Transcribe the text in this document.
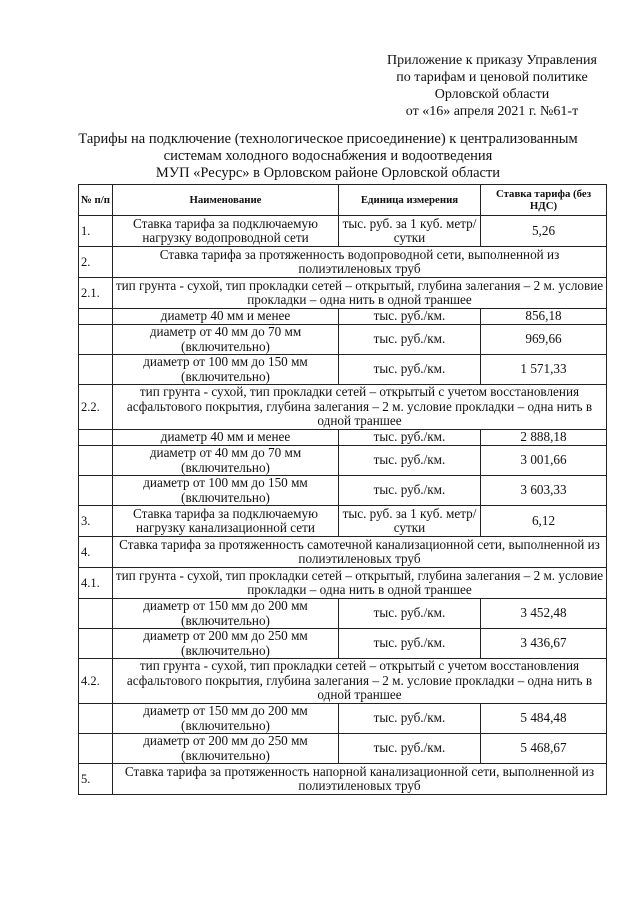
Приложение к приказу Управления
по тарифам и ценовой политике
Орловской области
от «16» апреля 2021 г. №61-т
Тарифы на подключение (технологическое присоединение) к централизованным
системам холодного водоснабжения и водоотведения
МУП «Ресурс» в Орловском районе Орловской области
№ п/п	Наименование	Единица измерения	Ставка тарифа (без НДС)
1.	Ставка тарифа за подключаемую нагрузку водопроводной сети	тыс. руб. за 1 куб. метр/сутки	5,26
2.	Ставка тарифа за протяженность водопроводной сети, выполненной из полиэтиленовых труб		
2.1.	тип грунта - сухой, тип прокладки сетей – открытый, глубина залегания – 2 м. условие прокладки – одна нить в одной траншее		
	диаметр 40 мм и менее	тыс. руб./км.	856,18
	диаметр от 40 мм до 70 мм (включительно)	тыс. руб./км.	969,66
	диаметр от 100 мм до 150 мм (включительно)	тыс. руб./км.	1 571,33
2.2.	тип грунта - сухой, тип прокладки сетей – открытый с учетом восстановления асфальтового покрытия, глубина залегания – 2 м. условие прокладки – одна нить в одной траншее		
	диаметр 40 мм и менее	тыс. руб./км.	2 888,18
	диаметр от 40 мм до 70 мм (включительно)	тыс. руб./км.	3 001,66
	диаметр от 100 мм до 150 мм (включительно)	тыс. руб./км.	3 603,33
3.	Ставка тарифа за подключаемую нагрузку канализационной сети	тыс. руб. за 1 куб. метр/сутки	6,12
4.	Ставка тарифа за протяженность самотечной канализационной сети, выполненной из полиэтиленовых труб		
4.1.	тип грунта - сухой, тип прокладки сетей – открытый, глубина залегания – 2 м. условие прокладки – одна нить в одной траншее		
	диаметр от 150 мм до 200 мм (включительно)	тыс. руб./км.	3 452,48
	диаметр от 200 мм до 250 мм (включительно)	тыс. руб./км.	3 436,67
4.2.	тип грунта - сухой, тип прокладки сетей – открытый с учетом восстановления асфальтового покрытия, глубина залегания – 2 м. условие прокладки – одна нить в одной траншее		
	диаметр от 150 мм до 200 мм (включительно)	тыс. руб./км.	5 484,48
	диаметр от 200 мм до 250 мм (включительно)	тыс. руб./км.	5 468,67
5.	Ставка тарифа за протяженность напорной канализационной сети, выполненной из полиэтиленовых труб		
